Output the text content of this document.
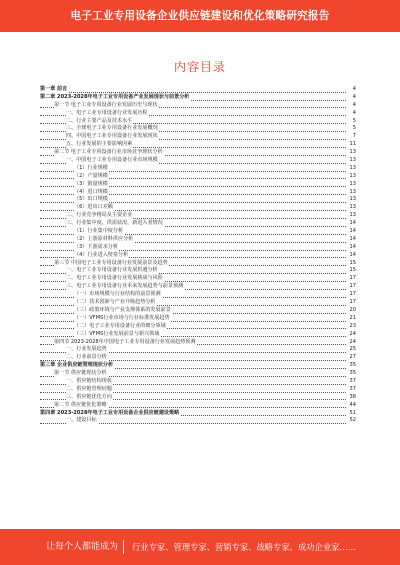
电子工业专用设备企业供应链建设和优化策略研究报告
内容目录
第一章 前言	4
第二章 2023-2028年电子工业专用设备产业发展现状与前景分析	4
第一节 电子工业专用设备行业发展历史与现状	4
一、电子工业专用设备行业发展历程	4
二、行业主要产品及技术水平	5
三、全球电子工业专用设备行业发展概况	5
四、中国电子工业专用设备行业发展现状	7
五、行业发展的主要影响因素	11
第二节 电子工业专用设备行业市场竞争现状分析	13
一、中国电子工业专用设备行业市场规模	13
（1）行业规模	13
（2）产量规模	13
（3）销量规模	13
（4）进口规模	13
（5）出口规模	13
（6）进出口差额	13
二、行业竞争格局及主要企业	13
三、行业集中度、供需状况、新进入者情况	14
（1）行业集中度分析	14
（2）上游原材料供应分析	14
（3）下游需求分析	14
（4）行业进入壁垒分析	14
第三节 中国电子工业专用设备行业发展前景及趋势	15
一、电子工业专用设备行业发展机遇分析	15
二、电子工业专用设备行业发展挑战与风险	17
三、电子工业专用设备行业未来发展趋势与前景预测	17
（一）市场规模与行业结构的前景预测	17
（二）技术创新与产业升级趋势分析	17
（三）政策环境与产业支撑体系的发展前景	20
（一）VFMS行业市场与行业标准发展趋势	21
（二）电子工业专用设备行业的细分领域	23
（三）VFMS行业发展前景与新兴领域	24
第四节 2023-2028年中国电子工业专用设备行业发展趋势预测	24
一、行业发展趋势	25
二、行业前景分析	27
第三章 企业供应链管理现状分析	35
第一节 供应链现状分析	35
一、供应链结构现状	37
二、供应链管理问题	37
三、供应链优化方向	38
第二节 供应链优化策略	44
第四章 2023-2028年电子工业专用设备企业供应链建设策略	51
一、建设目标	52
让每个人都能成为 行业专家、管理专家、营销专家、战略专家、成功企业家……
